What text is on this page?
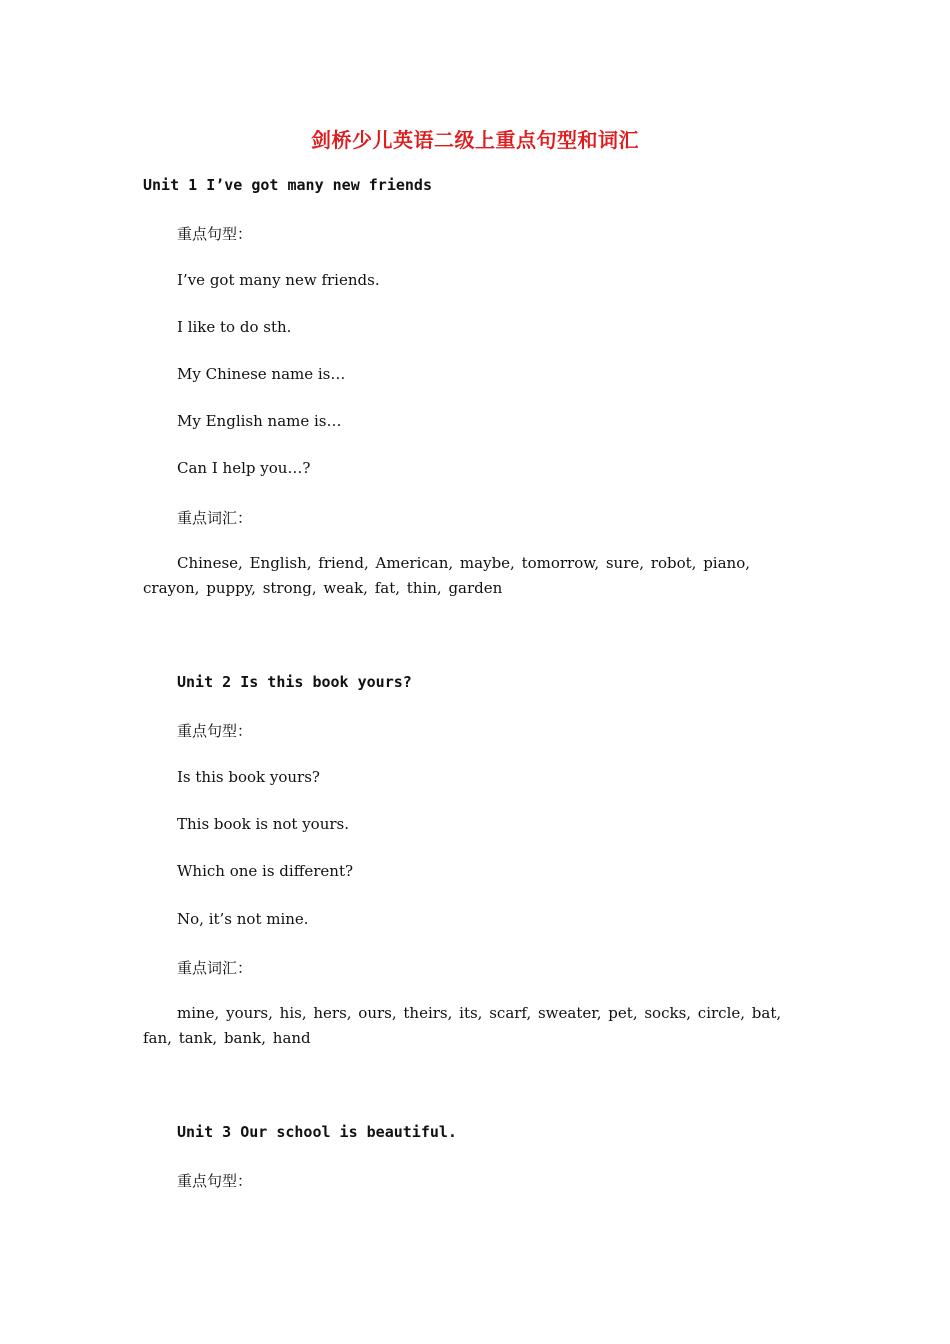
剑桥少儿英语二级上重点句型和词汇
Unit 1 I’ve got many new friends
重点句型：
I’ve got many new friends.
I like to do sth.
My Chinese name is…
My English name is…
Can I help you…?
重点词汇：
Chinese, English, friend, American, maybe, tomorrow, sure, robot, piano, crayon, puppy, strong, weak, fat, thin, garden
Unit 2 Is this book yours?
重点句型：
Is this book yours?
This book is not yours.
Which one is different?
No, it’s not mine.
重点词汇：
mine, yours, his, hers, ours, theirs, its, scarf, sweater, pet, socks, circle, bat, fan, tank, bank, hand
Unit 3 Our school is beautiful.
重点句型：
